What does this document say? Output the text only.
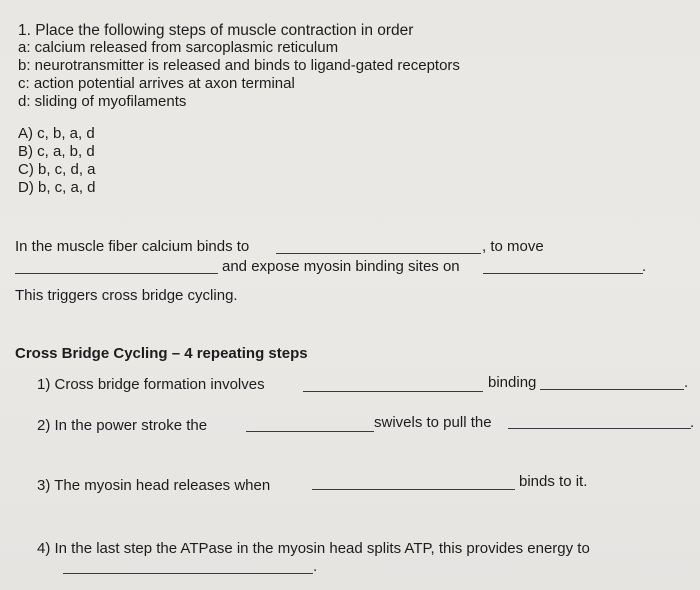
1. Place the following steps of muscle contraction in order
a: calcium released from sarcoplasmic reticulum
b: neurotransmitter is released and binds to ligand-gated receptors
c: action potential arrives at axon terminal
d: sliding of myofilaments
A) c, b, a, d
B) c, a, b, d
C) b, c, d, a
D) b, c, a, d
In the muscle fiber calcium binds to	, to move
and expose myosin binding sites on	.
This triggers cross bridge cycling.
Cross Bridge Cycling – 4 repeating steps
1) Cross bridge formation involves	binding	.
2) In the power stroke the	swivels to pull the	.
3) The myosin head releases when	binds to it.
4) In the last step the ATPase in the myosin head splits ATP, this provides energy to
.
